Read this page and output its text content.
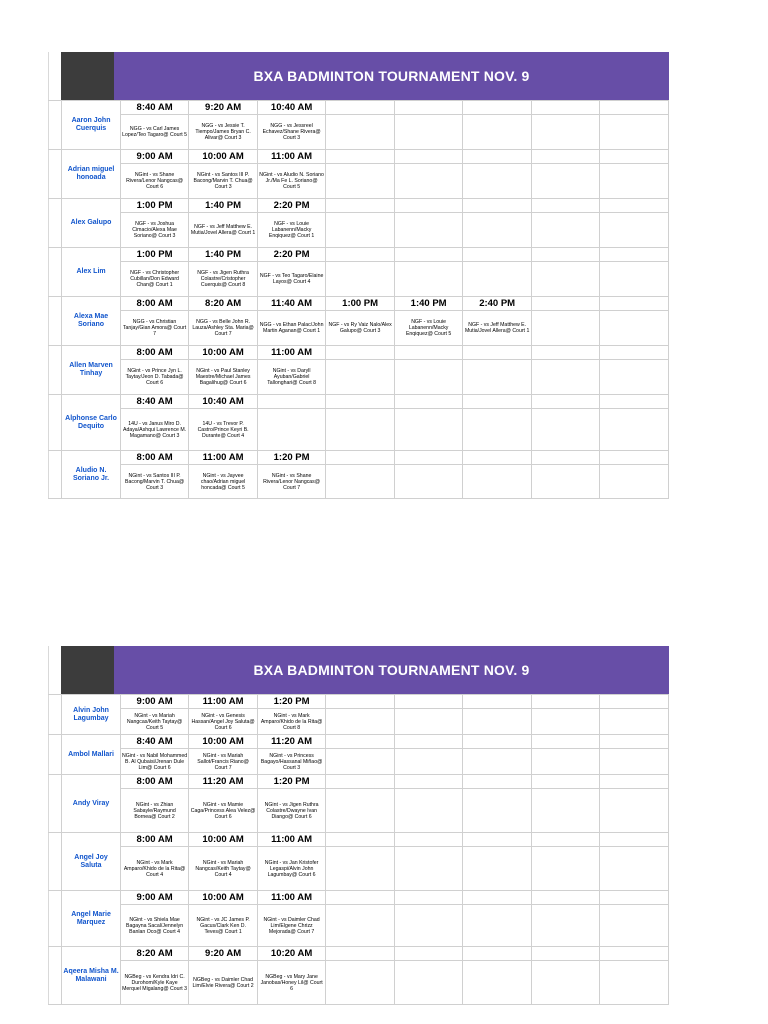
BXA BADMINTON TOURNAMENT NOV. 9
	Aaron John Cuerquis	8:40 AM	9:20 AM	10:40 AM					
		NGG - vs Carl James Lopez/Teo Tagaro@ Court 5	NGG - vs Jessie T. Tiempo/James Bryan C. Alivar@ Court 3	NGG - vs Jessreel Echavez/Shane Rivera@ Court 3					
	Adrian miguel honoada	9:00 AM	10:00 AM	11:00 AM					
		NGint - vs Shane Rivera/Lenor Nangcas@ Court 6	NGint - vs Santos III P. Bacong/Marvin T. Chua@ Court 3	NGint - vs Aludio N. Soriano Jr./Ma Fe L. Soriano@ Court 5					
	Alex Galupo	1:00 PM	1:40 PM	2:20 PM					
		NGF - vs Joshua Cimacio/Alexa Mae Soriano@ Court 3	NGF - vs Jeff Matthew E. Mutia/Jovel Allera@ Court 1	NGF - vs Louie Labanenn/Macky Enqiquez@ Court 1					
	Alex Lim	1:00 PM	1:40 PM	2:20 PM					
		NGF - vs Christopher Cubillan/Don Edward Chan@ Court 1	NGF - vs Jigen Ruthra Colastre/Cristopher Cuerquis@ Court 8	NGF - vs Teo Tagaro/Elaine Layos@ Court 4					
	Alexa Mae Soriano	8:00 AM	8:20 AM	11:40 AM	1:00 PM	1:40 PM	2:40 PM		
		NGG - vs Christian Tanjay/Gian Amora@ Court 7	NGG - vs Belle John R. Lauza/Ashley Sta. Maria@ Court 7	NGG - vs Ethan Palac/John Martin Aganan@ Court 1	NGF - vs Ry Vaiz Nalo/Alex Galupo@ Court 3	NGF - vs Louie Labanenn/Macky Enqiquez@ Court 5	NGF - vs Jeff Matthew E. Mutia/Jovel Allera@ Court 1		
	Allen Marven Tinhay	8:00 AM	10:00 AM	11:00 AM					
		NGint - vs Prince Jyn L. Taytay/Jeon D. Tabada@ Court 6	NGint - vs Paul Stanley Maestre/Michael James Bagalihug@ Court 6	NGint - vs Daryll Ayuban/Gabriel Tallonghari@ Court 8					
	Alphonse Carlo Dequito	8:40 AM	10:40 AM						
		14U - vs Janus Miro D. Adaya/Ashqui Lawrence M. Magamano@ Court 3	14U - vs Trevor P. Castro/Prince Keyri B. Durante@ Court 4						
	Aludio N. Soriano Jr.	8:00 AM	11:00 AM	1:20 PM					
		NGint - vs Santos III P. Bacong/Marvin T. Chua@ Court 3	NGint - vs Jayvee chao/Adrian miguel honcada@ Court 5	NGint - vs Shane Rivera/Lenor Nangcas@ Court 7					
BXA BADMINTON TOURNAMENT NOV. 9
	Alvin John Lagumbay	9:00 AM	11:00 AM	1:20 PM					
		NGint - vs Mariah Nangcas/Keith Taytay@ Court 5	NGint - vs Genesis Hassan/Angel Joy Saluta@ Court 6	NGint - vs Mark Amparo/Khido de la Rita@ Court 8					
	Ambol Mallari	8:40 AM	10:00 AM	11:20 AM					
		NGint - vs Nabil Mohammed B. Al Qubaisi/Jrenan Dule Lim@ Court 6	NGint - vs Mariah Sallot/Francis Riano@ Court 7	NGint - vs Princess Bagayo/Hassanal Miñao@ Court 3					
	Andy Viray	8:00 AM	11:20 AM	1:20 PM					
		NGint - vs Zhian Sabayle/Raymund Bornea@ Court 2	NGint - vs Mamie Caga/Princess Alea Velez@ Court 6	NGint - vs Jigen Ruthra Colastre/Dwayne Ivan Diango@ Court 6					
	Angel Joy Saluta	8:00 AM	10:00 AM	11:00 AM					
		NGint - vs Mark Amparo/Khido de la Rita@ Court 4	NGint - vs Mariah Nangcas/Keith Taytay@ Court 4	NGint - vs Jan Kristofer Legaspi/Alvin John Lagumbay@ Court 6					
	Angel Marie Marquez	9:00 AM	10:00 AM	11:00 AM					
		NGint - vs Shiela Mae Bagayna Sacal/Jennelyn Banlan Oco@ Court 4	NGint - vs JC James P. Gacus/Clark Ken D. Teves@ Court 1	NGint - vs Daimler Chad Lim/Elgene Chrizz Mejorada@ Court 7					
	Aqeera Misha M. Malawani	8:20 AM	9:20 AM	10:20 AM					
		NGBeg - vs Kendra Idri C. Durohom/Kyle Kaye Merquel Migalang@ Court 3	NGBeg - vs Daimler Chad Lim/Elvie Rivera@ Court 2	NGBeg - vs Mary Jane Janobas/Honey Lil@ Court 6					
